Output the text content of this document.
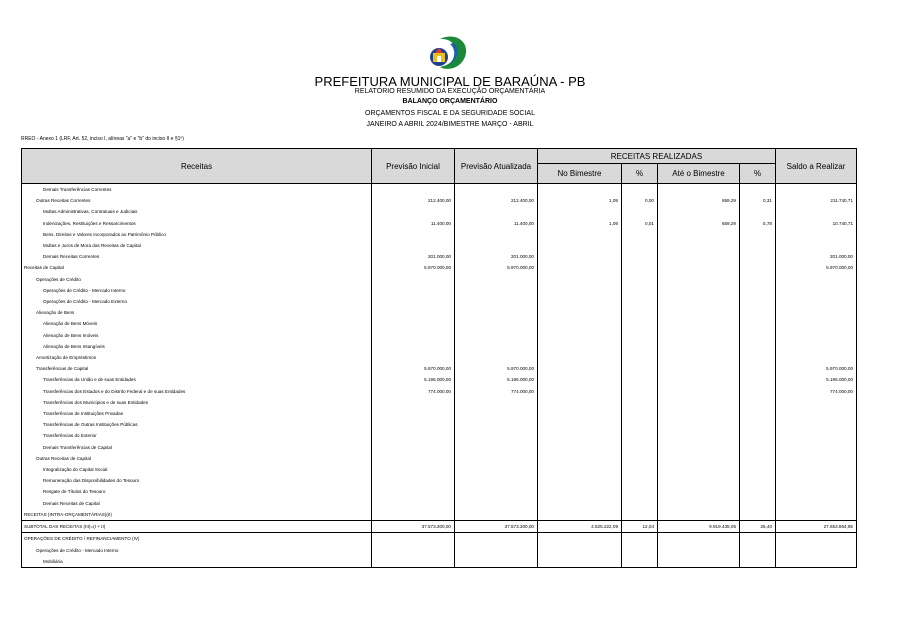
PREFEITURA MUNICIPAL DE BARAÚNA - PB
RELATÓRIO RESUMIDO DA EXECUÇÃO ORÇAMENTÁRIA
BALANÇO ORÇAMENTÁRIO
ORÇAMENTOS FISCAL E DA SEGURIDADE SOCIAL
JANEIRO A ABRIL 2024/BIMESTRE MARÇO - ABRIL
RREO - Anexo 1 (LRF, Art. 52, inciso I, alíneas "a" e "b" do inciso II e §1º)
Receitas	Previsão Inicial	Previsão Atualizada	RECEITAS REALIZADAS				Saldo a Realizar
			No Bimestre	%	Até o Bimestre	%	
Demais Transferências Correntes							
Outras Receitas Correntes	212.400,00	212.400,00	1,09	0,00	659,29	0,31	211.740,71
Multas Administrativas, Contratuais e Judiciais							
Indenizações, Restituições e Ressarcimentos	11.400,00	11.400,00	1,09	0,01	659,29	5,78	10.740,71
Bens, Direitos e Valores Incorporados ao Patrimônio Público							
Multas e Juros de Mora das Receitas de Capital							
Demais Receitas Correntes	201.000,00	201.000,00					201.000,00
Receitas de Capital	5.970.000,00	5.970.000,00					5.970.000,00
Operações de Crédito							
Operações de Crédito - Mercado Interno							
Operações de Crédito - Mercado Externo							
Alienação de Bens							
Alienação de Bens Móveis							
Alienação de Bens Imóveis							
Alienação de Bens Intangíveis							
Amortização de Empréstimos							
Transferências de Capital	5.970.000,00	5.970.000,00					5.970.000,00
Transferências da União e de suas Entidades	5.196.000,00	5.196.000,00					5.196.000,00
Transferências dos Estados e do Distrito Federal e de suas Entidades	774.000,00	774.000,00					774.000,00
Transferências dos Municípios e de suas Entidades							
Transferências de Instituições Privadas							
Transferências de Outras Instituições Públicas							
Transferências do Exterior							
Demais Transferências de Capital							
Outras Receitas de Capital							
Integralização do Capital Social							
Remuneração das Disponibilidades do Tesouro							
Resgate de Títulos do Tesouro							
Demais Receitas de Capital							
RECEITAS (INTRA-ORÇAMENTÁRIAS)(II)							
SUBTOTAL DAS RECEITAS (III)=(I + II)	37.573.300,00	37.573.300,00	4.525.222,09	12,04	9.919.435,05	26,40	27.653.864,95
OPERAÇÕES DE CRÉDITO / REFINANCIAMENTO (IV)							
Operações de Crédito - Mercado Interno							
Mobiliária							
